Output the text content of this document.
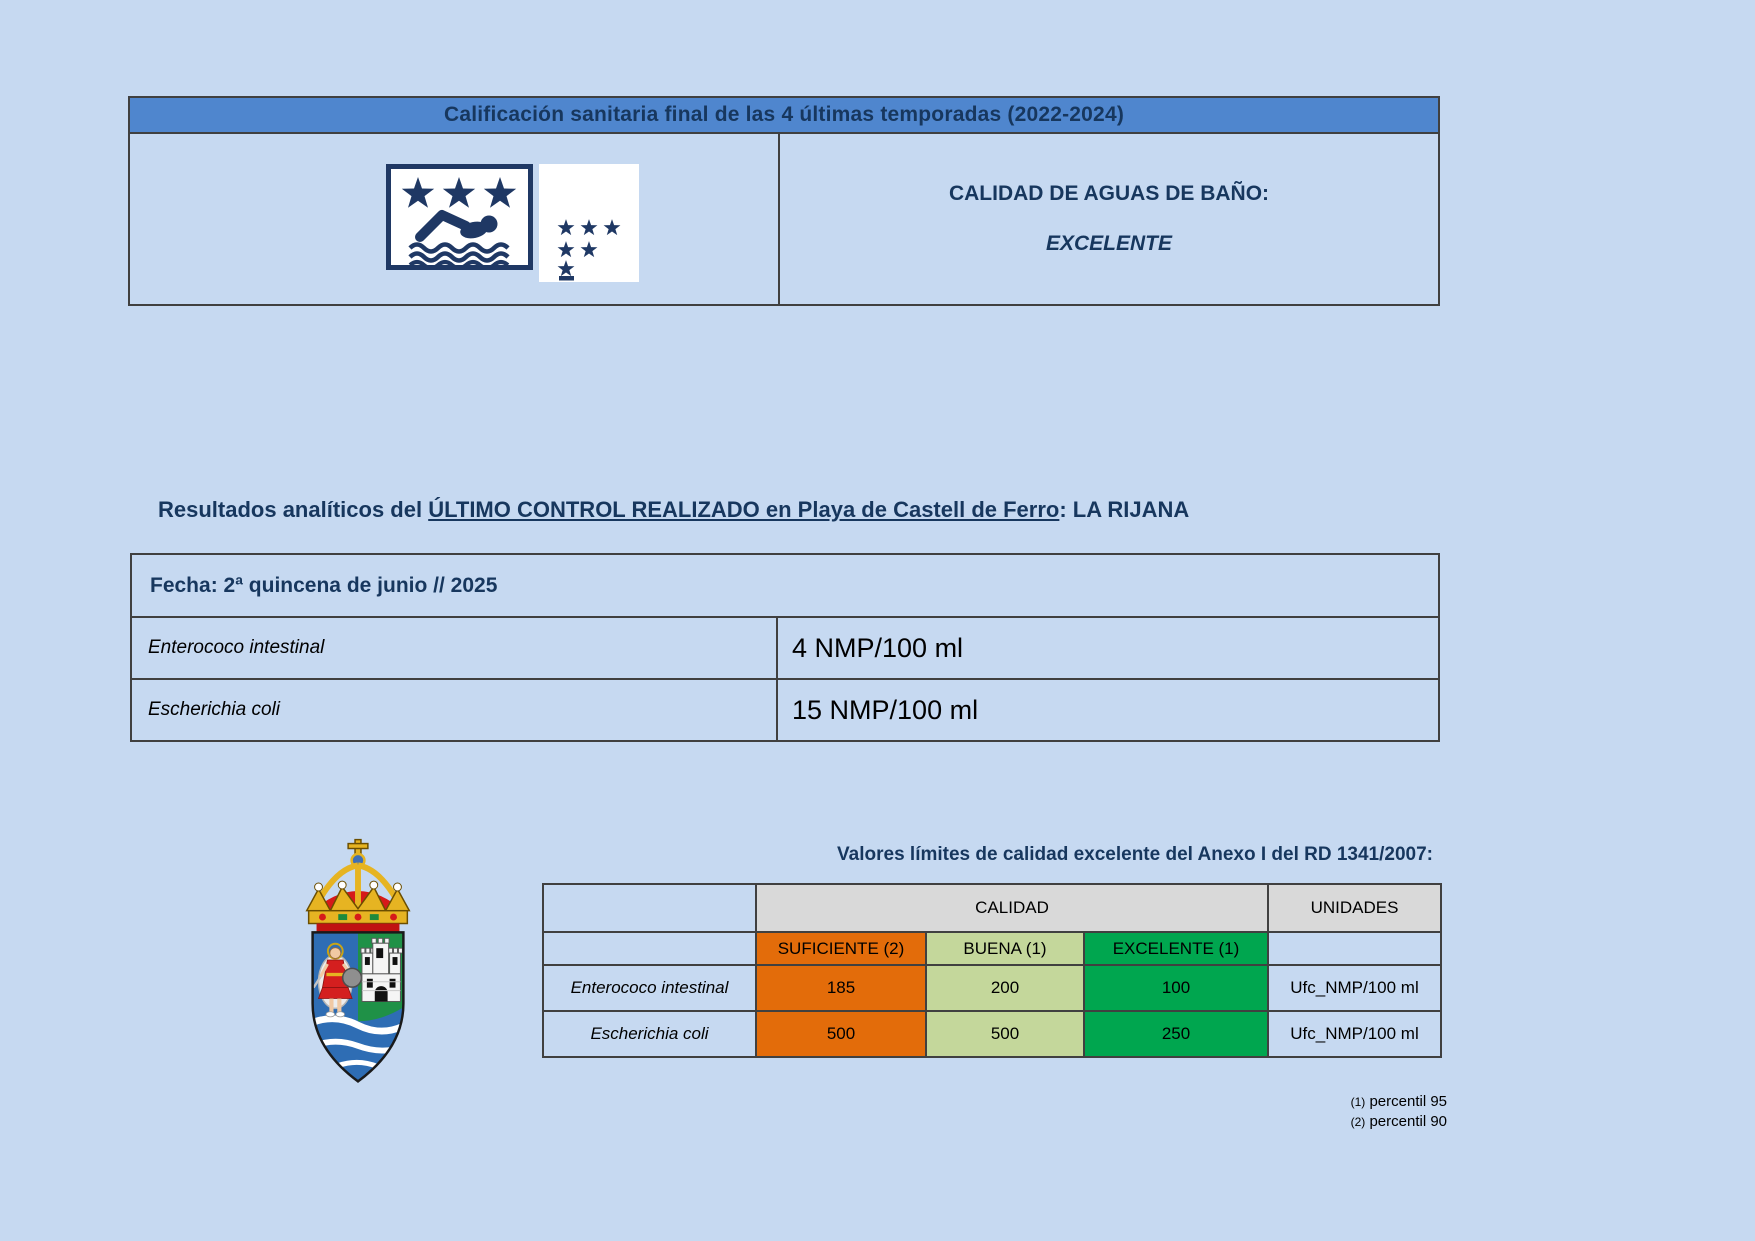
Calificación sanitaria final de las 4 últimas temporadas (2022-2024)
CALIDAD DE AGUAS DE BAÑO:
EXCELENTE
Resultados analíticos del ÚLTIMO CONTROL REALIZADO en Playa de Castell de Ferro: LA RIJANA
Fecha: 2ª quincena de junio // 2025
Enterococo intestinal	4 NMP/100 ml
Escherichia coli	15 NMP/100 ml
Valores límites de calidad excelente del Anexo I del RD 1341/2007:
	CALIDAD			UNIDADES
	SUFICIENTE (2)	BUENA (1)	EXCELENTE (1)	
Enterococo intestinal	185	200	100	Ufc_NMP/100 ml
Escherichia coli	500	500	250	Ufc_NMP/100 ml
(1) percentil 95
(2) percentil 90
